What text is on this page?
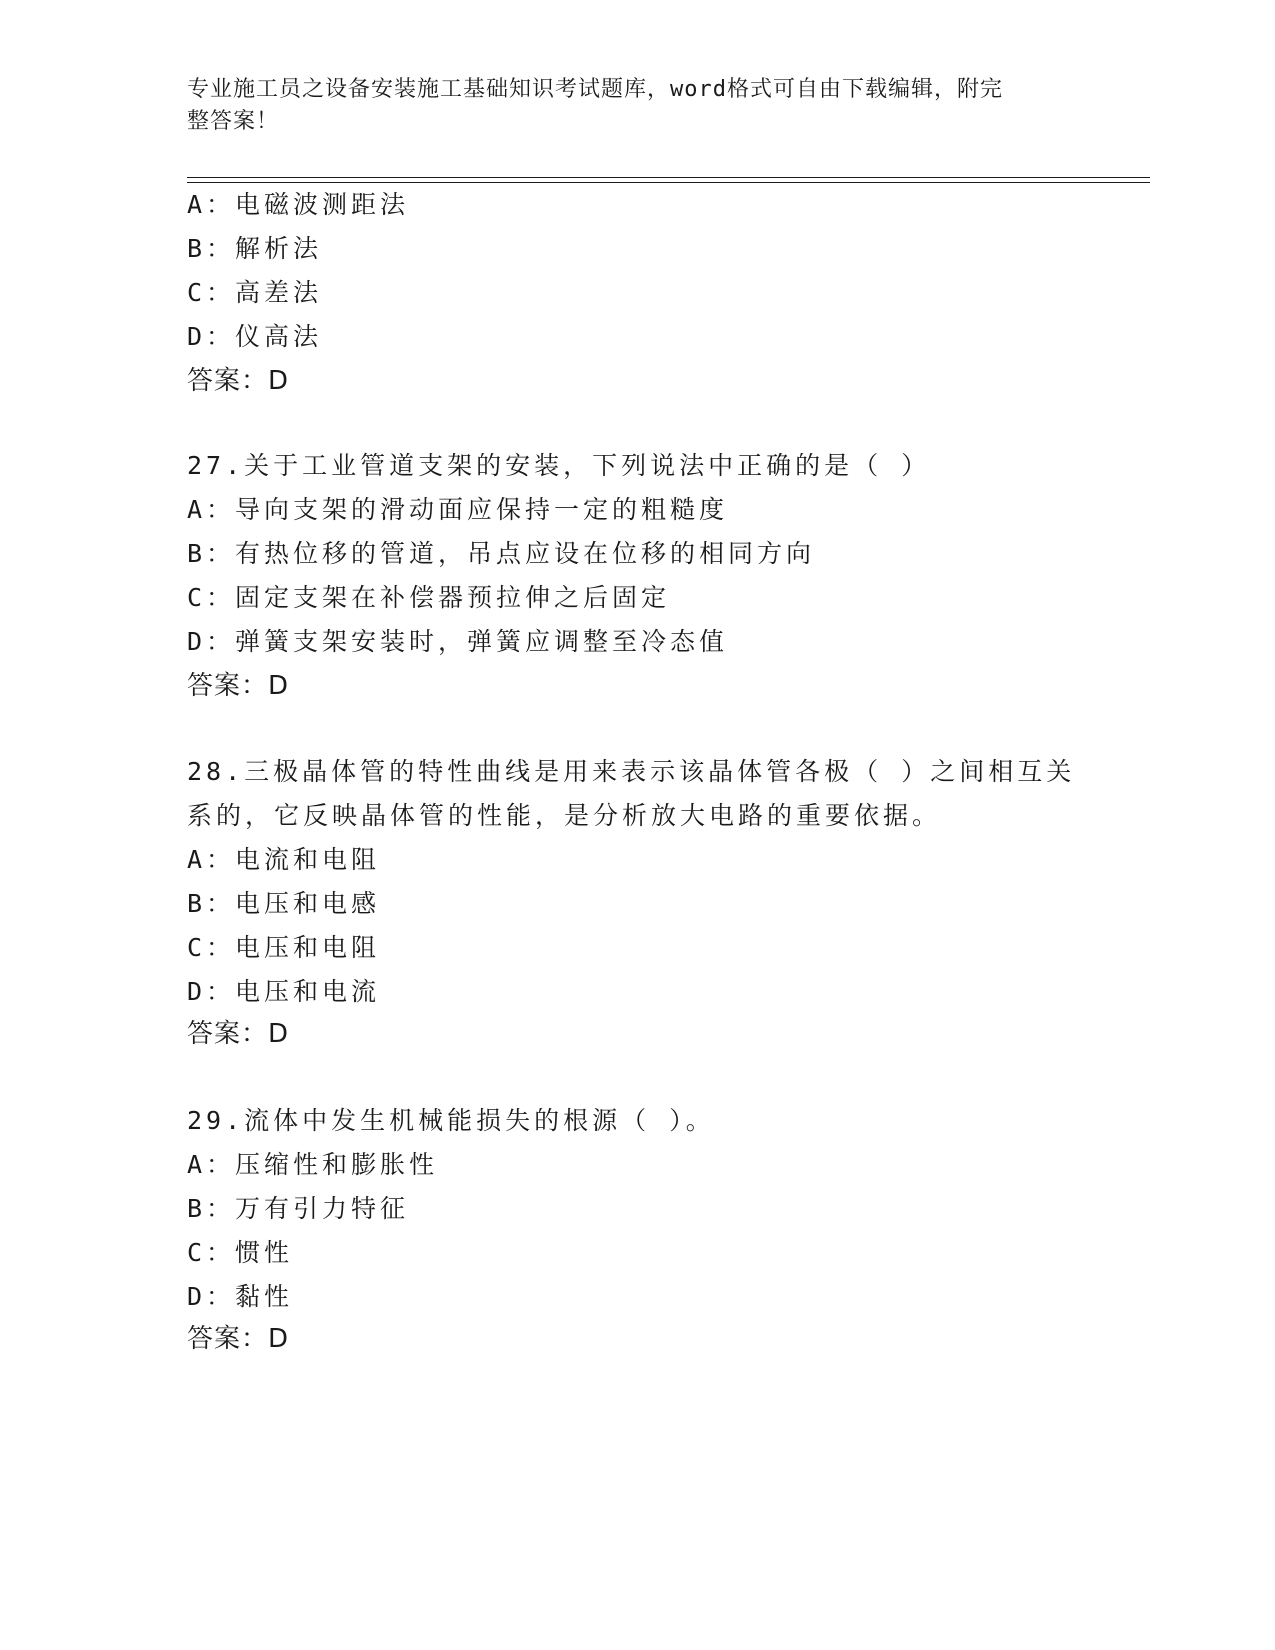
专业施工员之设备安装施工基础知识考试题库，word格式可自由下载编辑，附完
整答案！
A：电磁波测距法
B：解析法
C：高差法
D：仪高法
答案：D
27.关于工业管道支架的安装，下列说法中正确的是（ ）
A：导向支架的滑动面应保持一定的粗糙度
B：有热位移的管道，吊点应设在位移的相同方向
C：固定支架在补偿器预拉伸之后固定
D：弹簧支架安装时，弹簧应调整至冷态值
答案：D
28.三极晶体管的特性曲线是用来表示该晶体管各极（ ）之间相互关
系的，它反映晶体管的性能，是分析放大电路的重要依据。
A：电流和电阻
B：电压和电感
C：电压和电阻
D：电压和电流
答案：D
29.流体中发生机械能损失的根源（ ）。
A：压缩性和膨胀性
B：万有引力特征
C：惯性
D：黏性
答案：D
